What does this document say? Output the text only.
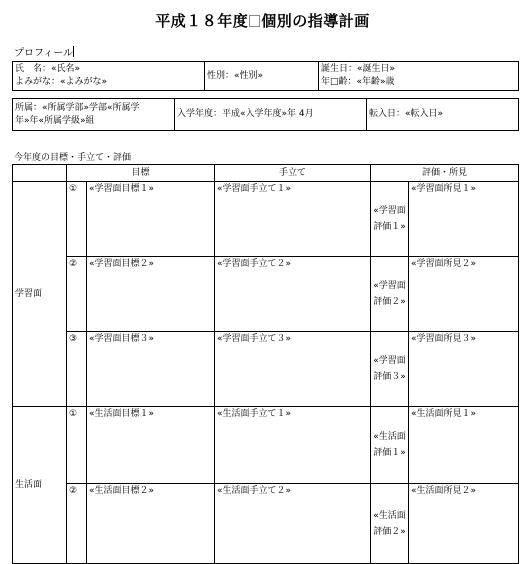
平成１８年度 個別の指導計画
プロフィール
氏　名：«氏名»
よみがな：«よみがな»
	性別：«性別»	
誕生日：«誕生日»
年□齢：«年齢»歳
所属：«所属学部»学部«所属学年»年«所属学級»組	入学年度：平成«入学年度»年 4月	転入日：«転入日»
今年度の目標・手立て・評価
	目標		手立て	評価・所見	
学習面	①	«学習面目標１»	«学習面手立て１»	«学習面評価１»	«学習面所見１»
	②	«学習面目標２»	«学習面手立て２»	«学習面評価２»	«学習面所見２»
	③	«学習面目標３»	«学習面手立て３»	«学習面評価３»	«学習面所見３»
生活面	①	«生活面目標１»	«生活面手立て１»	«生活面評価１»	«生活面所見１»
	②	«生活面目標２»	«生活面手立て２»	«生活面評価２»	«生活面所見２»
